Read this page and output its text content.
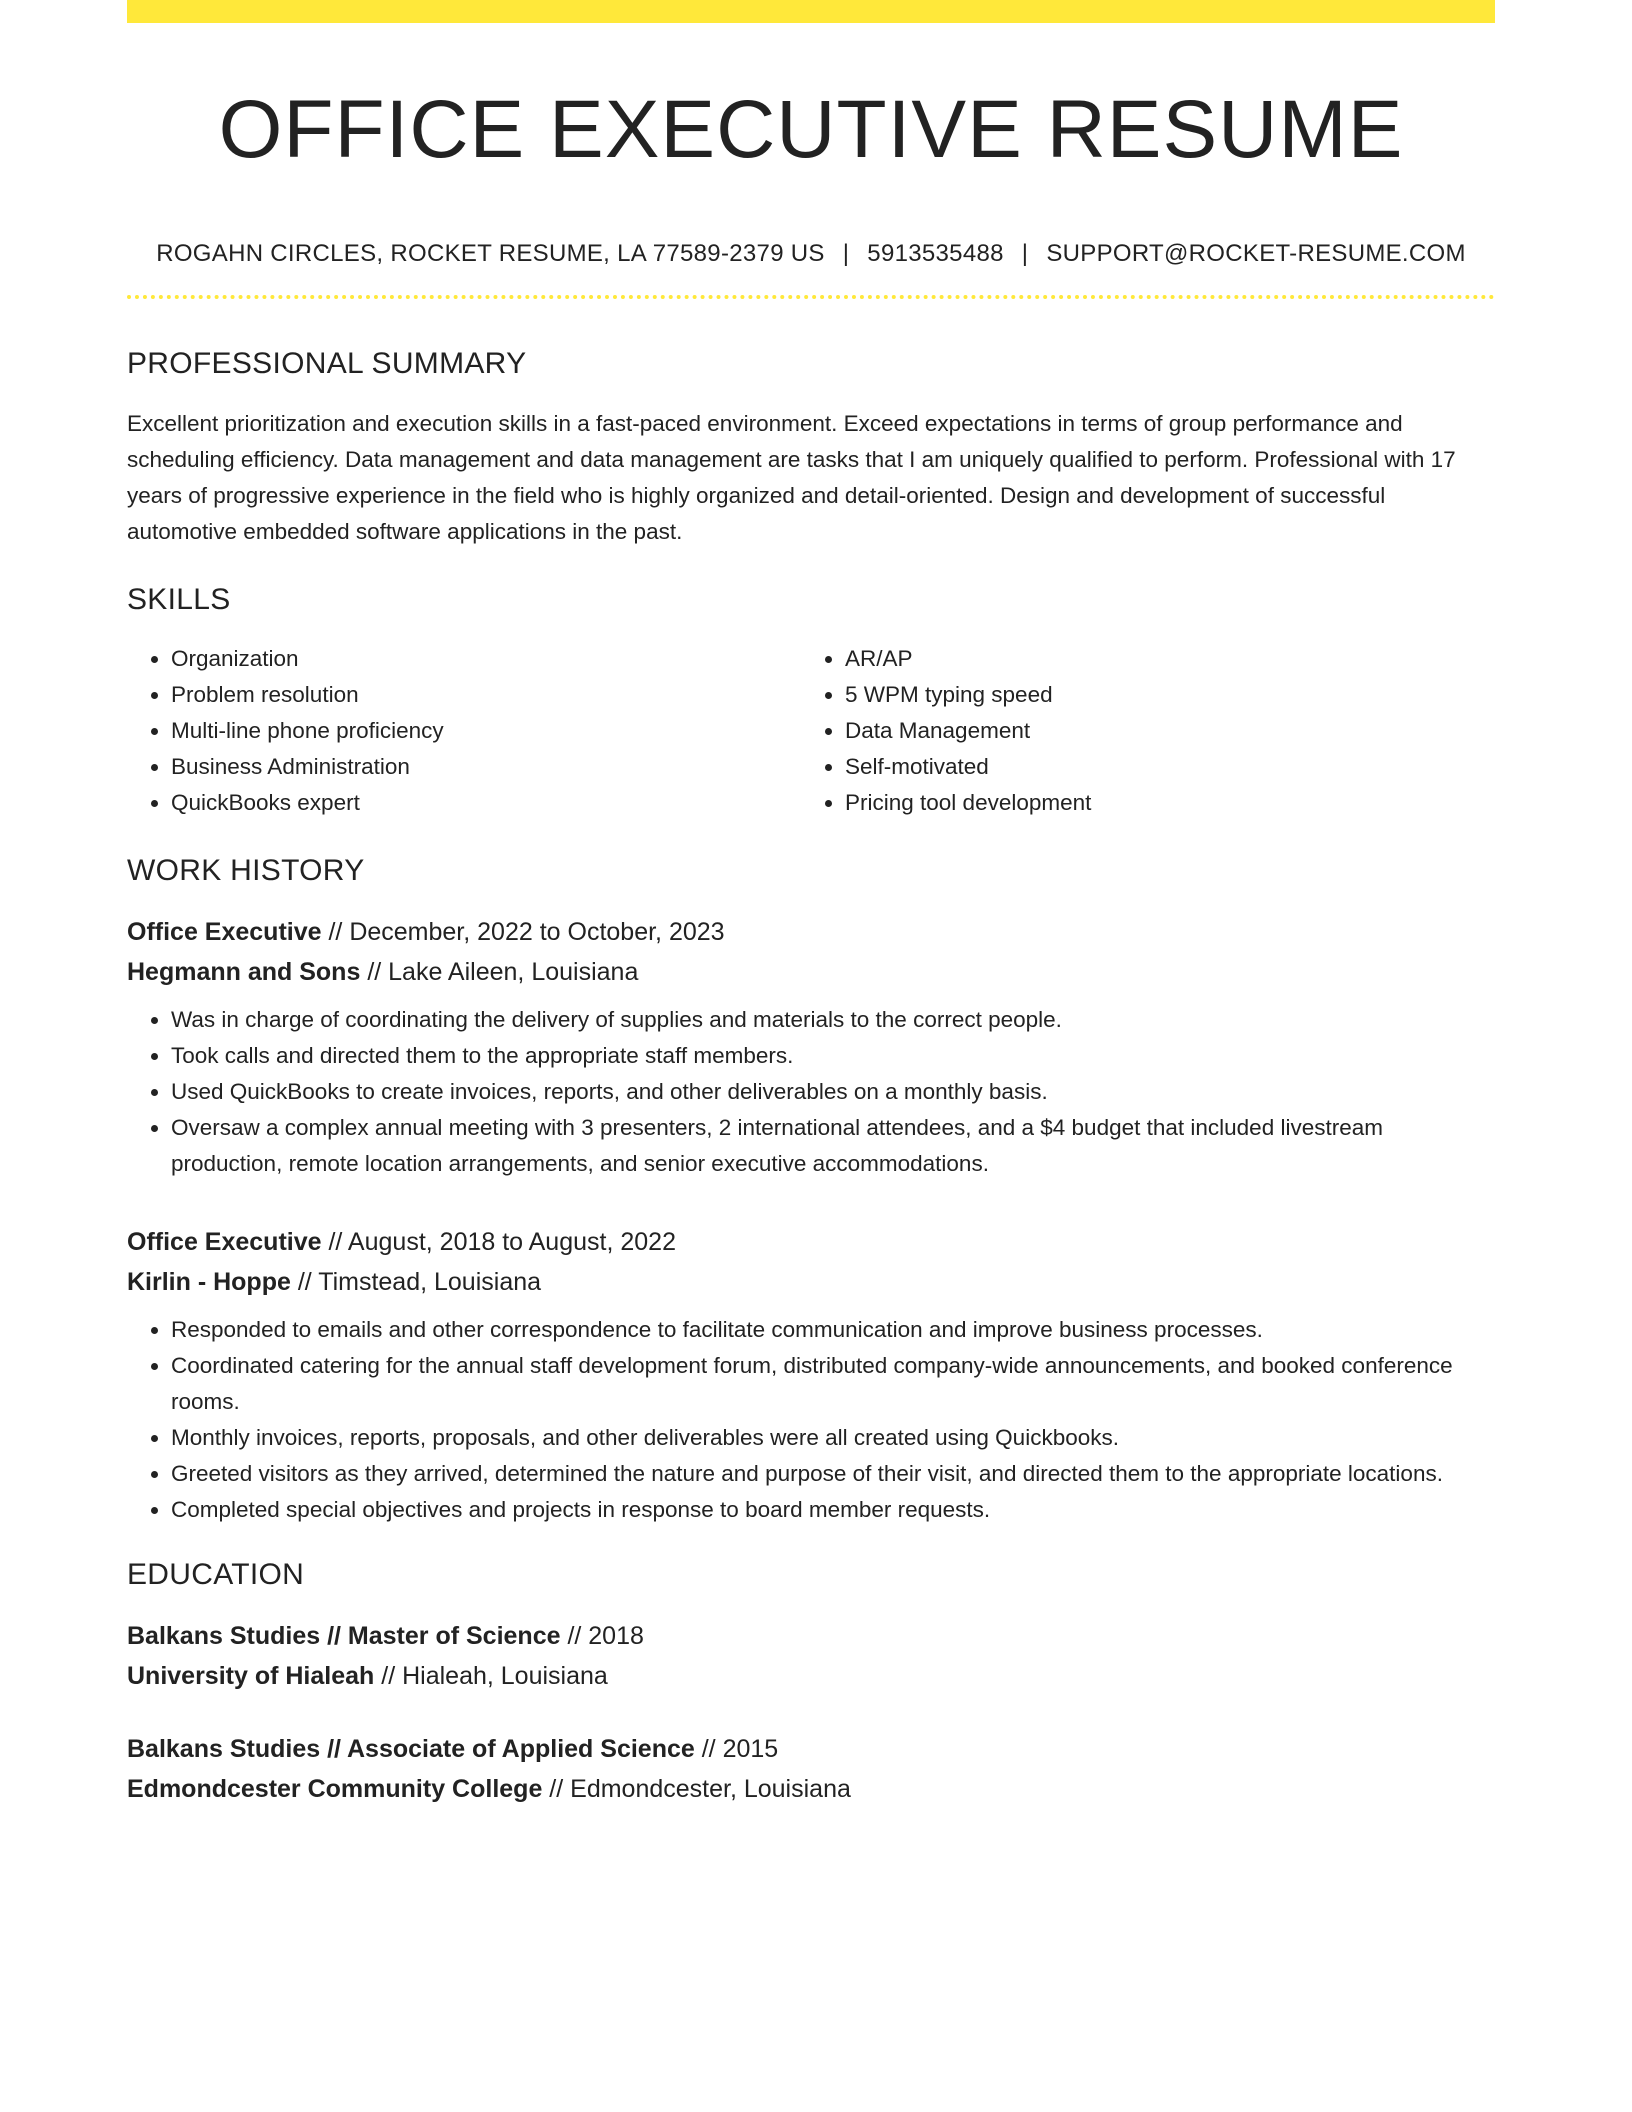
OFFICE EXECUTIVE RESUME
ROGAHN CIRCLES, ROCKET RESUME, LA 77589-2379 US | 5913535488 | SUPPORT@ROCKET-RESUME.COM
PROFESSIONAL SUMMARY

Excellent prioritization and execution skills in a fast-paced environment. Exceed expectations in terms of group performance and scheduling efficiency. Data management and data management are tasks that I am uniquely qualified to perform. Professional with 17 years of progressive experience in the field who is highly organized and detail-oriented. Design and development of successful automotive embedded software applications in the past.

SKILLS
• Organization
• Problem resolution
• Multi-line phone proficiency
• Business Administration
• QuickBooks expert
• AR/AP
• 5 WPM typing speed
• Data Management
• Self-motivated
• Pricing tool development
WORK HISTORY
Office Executive // December, 2022 to October, 2023
Hegmann and Sons // Lake Aileen, Louisiana
• Was in charge of coordinating the delivery of supplies and materials to the correct people.
• Took calls and directed them to the appropriate staff members.
• Used QuickBooks to create invoices, reports, and other deliverables on a monthly basis.
• Oversaw a complex annual meeting with 3 presenters, 2 international attendees, and a $4 budget that included livestream production, remote location arrangements, and senior executive accommodations.
Office Executive // August, 2018 to August, 2022
Kirlin - Hoppe // Timstead, Louisiana
• Responded to emails and other correspondence to facilitate communication and improve business processes.
• Coordinated catering for the annual staff development forum, distributed company-wide announcements, and booked conference rooms.
• Monthly invoices, reports, proposals, and other deliverables were all created using Quickbooks.
• Greeted visitors as they arrived, determined the nature and purpose of their visit, and directed them to the appropriate locations.
• Completed special objectives and projects in response to board member requests.
EDUCATION
Balkans Studies // Master of Science // 2018
University of Hialeah // Hialeah, Louisiana
Balkans Studies // Associate of Applied Science // 2015
Edmondcester Community College // Edmondcester, Louisiana
